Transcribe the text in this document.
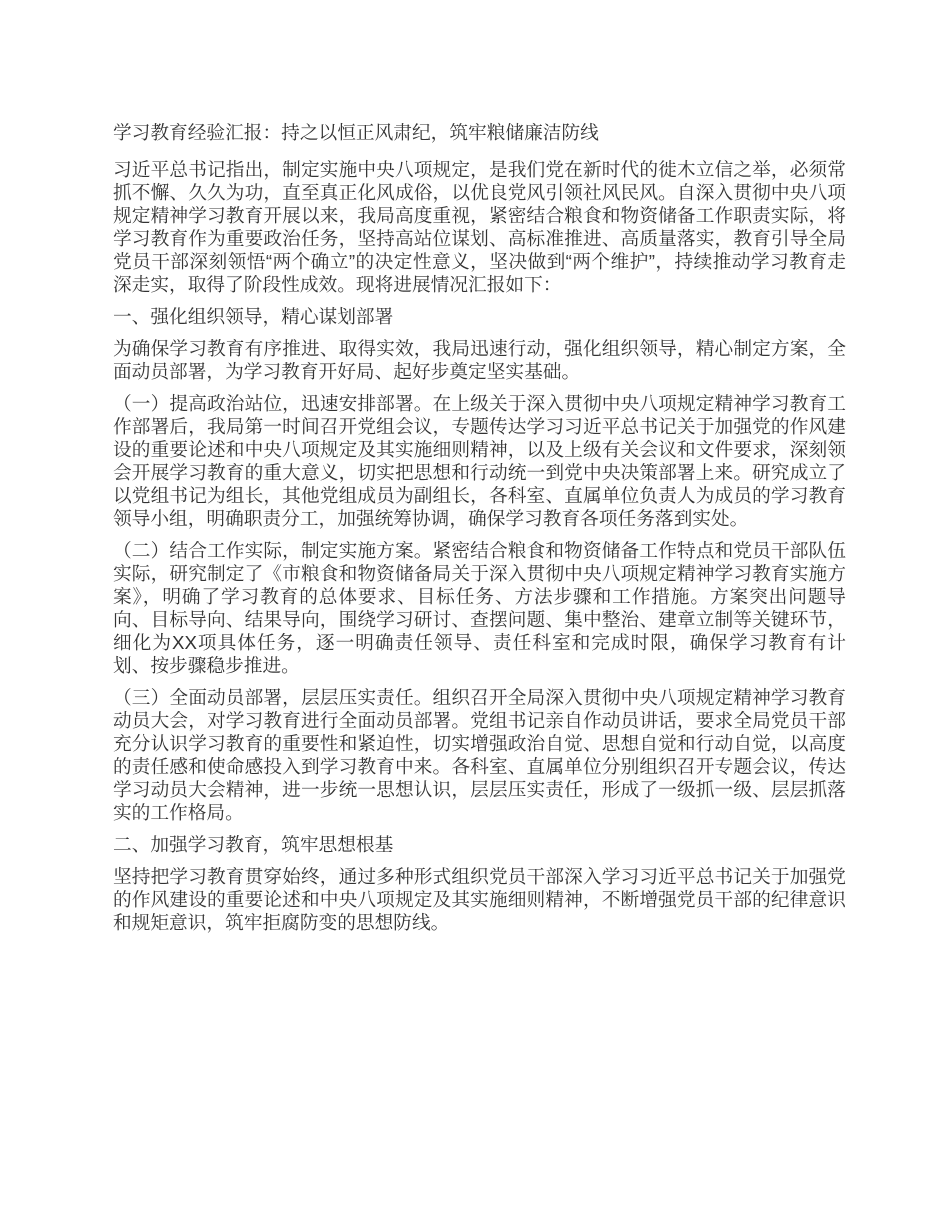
学习教育经验汇报：持之以恒正风肃纪，筑牢粮储廉洁防线

习近平总书记指出，制定实施中央八项规定，是我们党在新时代的徙木立信之举，必须常抓不懈、久久为功，直至真正化风成俗，以优良党风引领社风民风。自深入贯彻中央八项规定精神学习教育开展以来，我局高度重视，紧密结合粮食和物资储备工作职责实际，将学习教育作为重要政治任务，坚持高站位谋划、高标准推进、高质量落实，教育引导全局党员干部深刻领悟“两个确立”的决定性意义，坚决做到“两个维护”，持续推动学习教育走深走实，取得了阶段性成效。现将进展情况汇报如下：

一、强化组织领导，精心谋划部署

为确保学习教育有序推进、取得实效，我局迅速行动，强化组织领导，精心制定方案，全面动员部署，为学习教育开好局、起好步奠定坚实基础。

（一）提高政治站位，迅速安排部署。在上级关于深入贯彻中央八项规定精神学习教育工作部署后，我局第一时间召开党组会议，专题传达学习习近平总书记关于加强党的作风建设的重要论述和中央八项规定及其实施细则精神，以及上级有关会议和文件要求，深刻领会开展学习教育的重大意义，切实把思想和行动统一到党中央决策部署上来。研究成立了以党组书记为组长，其他党组成员为副组长，各科室、直属单位负责人为成员的学习教育领导小组，明确职责分工，加强统筹协调，确保学习教育各项任务落到实处。

（二）结合工作实际，制定实施方案。紧密结合粮食和物资储备工作特点和党员干部队伍实际，研究制定了《市粮食和物资储备局关于深入贯彻中央八项规定精神学习教育实施方案》，明确了学习教育的总体要求、目标任务、方法步骤和工作措施。方案突出问题导向、目标导向、结果导向，围绕学习研讨、查摆问题、集中整治、建章立制等关键环节，细化为XX项具体任务，逐一明确责任领导、责任科室和完成时限，确保学习教育有计划、按步骤稳步推进。

（三）全面动员部署，层层压实责任。组织召开全局深入贯彻中央八项规定精神学习教育动员大会，对学习教育进行全面动员部署。党组书记亲自作动员讲话，要求全局党员干部充分认识学习教育的重要性和紧迫性，切实增强政治自觉、思想自觉和行动自觉，以高度的责任感和使命感投入到学习教育中来。各科室、直属单位分别组织召开专题会议，传达学习动员大会精神，进一步统一思想认识，层层压实责任，形成了一级抓一级、层层抓落实的工作格局。

二、加强学习教育，筑牢思想根基

坚持把学习教育贯穿始终，通过多种形式组织党员干部深入学习习近平总书记关于加强党的作风建设的重要论述和中央八项规定及其实施细则精神，不断增强党员干部的纪律意识和规矩意识，筑牢拒腐防变的思想防线。
